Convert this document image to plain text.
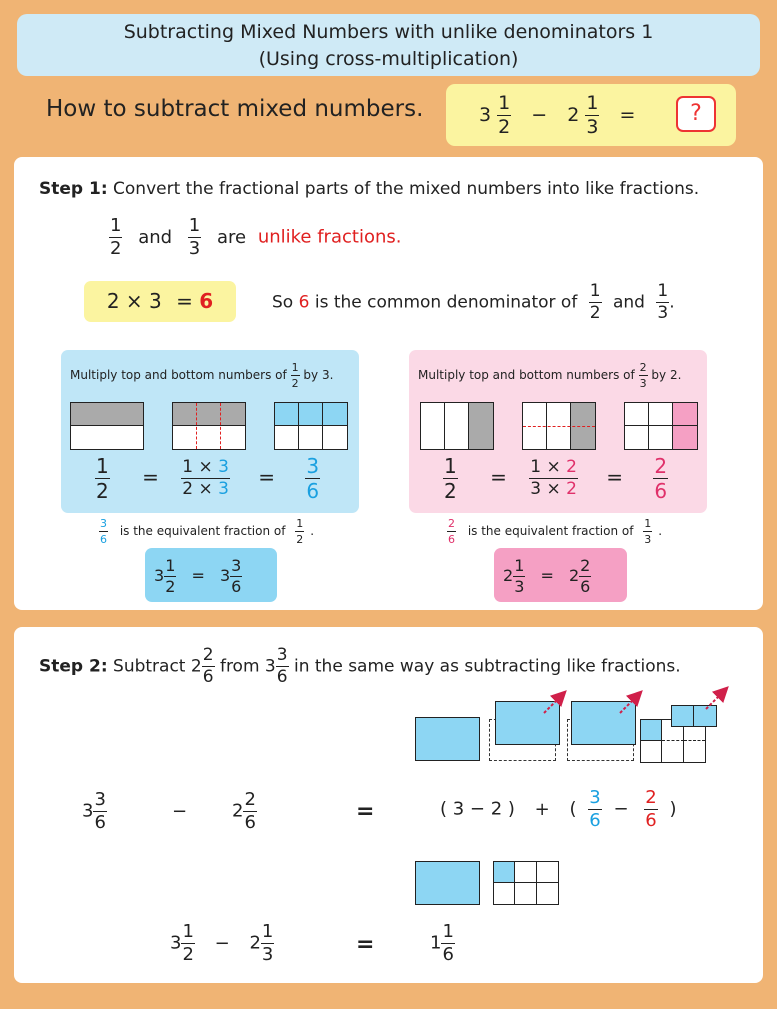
Subtracting Mixed Numbers with unlike denominators 1
(Using cross-multiplication)
How to subtract mixed numbers.	$3 \frac{1}{2} - 2 \frac{1}{3}$ =	?
Step 1: Convert the fractional parts of the mixed numbers into like fractions.
$\frac{1}{2}$ and $\frac{1}{3}$ are unlike fractions.
2 × 3 = 6	So 6 is the common denominator of $\frac{1}{2}$ and $\frac{1}{3}$ .
Multiply top and bottom numbers of $\frac{1}{2}$ by 3.
$\frac{1}{2} = \frac{1 \times 3}{2 \times 3} = \frac{3}{6}$
$\frac{3}{6}$ is the equivalent fraction of $\frac{1}{2}$ .
$3 \frac{1}{2} = 3 \frac{3}{6}$
Multiply top and bottom numbers of $\frac{2}{3}$ by 2.
$\frac{1}{2} = \frac{1 \times 2}{3 \times 2} = \frac{2}{6}$
$\frac{2}{6}$ is the equivalent fraction of $\frac{1}{3}$ .
$2 \frac{1}{3} = 2 \frac{2}{6}$
Step 2: Subtract $2 \frac{2}{6}$ from $3 \frac{3}{6}$ in the same way as subtracting like fractions.
$3 \frac{3}{6}$	− $2 \frac{2}{6}$	=	( 3 − 2 ) + ( $\frac{3}{6} - \frac{2}{6}$ )
$3 \frac{1}{2} - 2 \frac{1}{3}$	=	$1 \frac{1}{6}$
